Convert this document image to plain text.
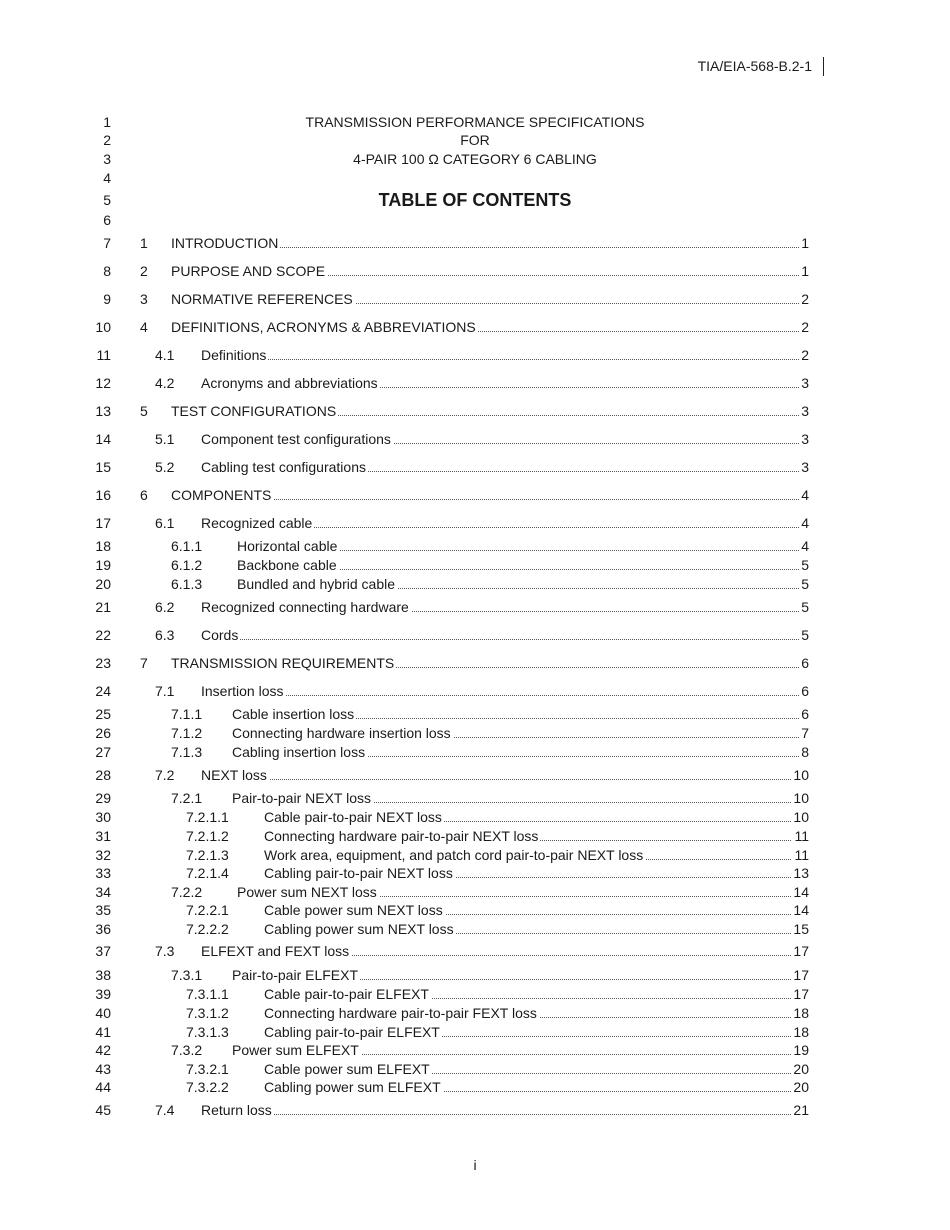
TIA/EIA-568-B.2-1
1	TRANSMISSION PERFORMANCE SPECIFICATIONS
2	FOR
3	4-PAIR 100 Ω CATEGORY 6 CABLING
4
5	TABLE OF CONTENTS
6
7 1 INTRODUCTION	1
8 2 PURPOSE AND SCOPE	1
9 3 NORMATIVE REFERENCES	2
10 4 DEFINITIONS, ACRONYMS & ABBREVIATIONS	2
11	4.1 Definitions	2
12	4.2 Acronyms and abbreviations	3
13 5 TEST CONFIGURATIONS	3
14	5.1 Component test configurations	3
15	5.2 Cabling test configurations	3
16 6 COMPONENTS	4
17	6.1 Recognized cable	4
18	6.1.1 Horizontal cable	4
19	6.1.2 Backbone cable	5
20	6.1.3 Bundled and hybrid cable	5
21	6.2 Recognized connecting hardware	5
22	6.3 Cords	5
23 7 TRANSMISSION REQUIREMENTS	6
24	7.1 Insertion loss	6
25	7.1.1 Cable insertion loss	6
26	7.1.2 Connecting hardware insertion loss	7
27	7.1.3 Cabling insertion loss	8
28	7.2 NEXT loss	10
29	7.2.1 Pair-to-pair NEXT loss	10
30	7.2.1.1	Cable pair-to-pair NEXT loss	10
31	7.2.1.2	Connecting hardware pair-to-pair NEXT loss	11
32	7.2.1.3	Work area, equipment, and patch cord pair-to-pair NEXT loss	11
33	7.2.1.4	Cabling pair-to-pair NEXT loss	13
34	7.2.2 Power sum NEXT loss	14
35	7.2.2.1	Cable power sum NEXT loss	14
36	7.2.2.2	Cabling power sum NEXT loss	15
37	7.3 ELFEXT and FEXT loss	17
38	7.3.1 Pair-to-pair ELFEXT	17
39	7.3.1.1	Cable pair-to-pair ELFEXT	17
40	7.3.1.2	Connecting hardware pair-to-pair FEXT loss	18
41	7.3.1.3	Cabling pair-to-pair ELFEXT	18
42	7.3.2 Power sum ELFEXT	19
43	7.3.2.1	Cable power sum ELFEXT	20
44	7.3.2.2	Cabling power sum ELFEXT	20
45	7.4 Return loss	21
i
